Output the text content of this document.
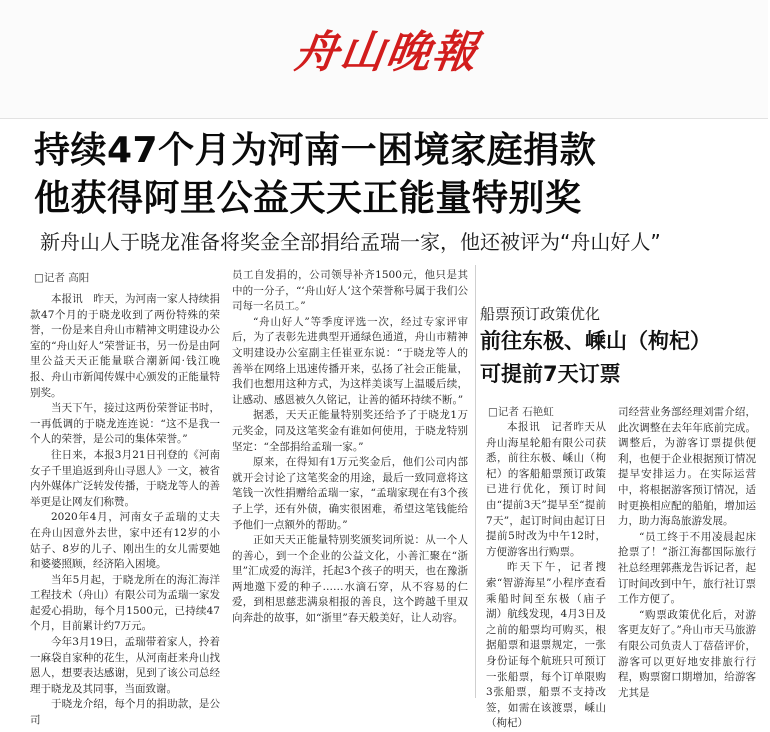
舟山晚報
持续47个月为河南一困境家庭捐款
他获得阿里公益天天正能量特别奖
新舟山人于晓龙准备将奖金全部捐给孟瑞一家，他还被评为“舟山好人”
□记者 高阳

本报讯　昨天，为河南一家人持续捐款47个月的于晓龙收到了两份特殊的荣誉，一份是来自舟山市精神文明建设办公室的“舟山好人”荣誉证书，另一份是由阿里公益天天正能量联合潮新闻·钱江晚报、舟山市新闻传媒中心颁发的正能量特别奖。

当天下午，接过这两份荣誉证书时，一再低调的于晓龙连连说：“这不是我一个人的荣誉，是公司的集体荣誉。”

往日来，本报3月21日刊登的《河南女子千里追返到舟山寻恩人》一文，被省内外媒体广泛转发传播，于晓龙等人的善举更是让网友们称赞。

2020年4月，河南女子孟瑞的丈夫在舟山因意外去世，家中还有12岁的小姑子、8岁的儿子、刚出生的女儿需要她和婆婆照顾，经济陷入困境。

当年5月起，于晓龙所在的海汇海洋工程技术（舟山）有限公司为孟瑞一家发起爱心捐助，每个月1500元，已持续47个月，目前累计约7万元。

今年3月19日，孟瑞带着家人，拎着一麻袋自家种的花生，从河南赶来舟山找恩人，想要表达感谢，见到了该公司总经理于晓龙及其同事，当面致谢。

于晓龙介绍，每个月的捐助款，是公司

员工自发捐的，公司领导补齐1500元，他只是其中的一分子，“‘舟山好人’这个荣誉称号属于我们公司每一名员工。”

“舟山好人”等季度评选一次，经过专家评审后，为了表彰先进典型开通绿色通道，舟山市精神文明建设办公室副主任崔亚东说：“于晓龙等人的善举在网络上迅速传播开来，弘扬了社会正能量，我们也想用这种方式，为这样美谈写上温暖后续，让感动、感恩被久久铭记，让善的循环持续不断。”

据悉，天天正能量特别奖还给予了于晓龙1万元奖金，同及这笔奖金有谁如何使用，于晓龙特别坚定：“全部捐给孟瑞一家。”

原来，在得知有1万元奖金后，他们公司内部就开会讨论了这笔奖金的用途，最后一致同意将这笔钱一次性捐赠给孟瑞一家，“孟瑞家现在有3个孩子上学，还有外债，确实很困难，希望这笔钱能给予他们一点额外的帮助。”

正如天天正能量特别奖颁奖词所说：从一个人的善心，到一个企业的公益文化，小善汇聚在“浙里”汇成爱的海洋，托起3个孩子的明天，也在豫浙两地邀下爱的种子……水滴石穿，从不容易的仁爱，到相思慈悲满泉相报的善良，这个跨越千里双向奔赴的故事，如“浙里”春天般美好，让人动容。

船票预订政策优化
前往东极、嵊山（枸杞）
可提前7天订票
□记者 石艳虹

本报讯　记者昨天从舟山海星轮船有限公司获悉，前往东极、嵊山（枸杞）的客船船票预订政策已进行优化，预订时间由“提前3天”提早至“提前7天”，起订时间由起订日提前5时改为中午12时，方便游客出行购票。

昨天下午，记者搜索“智游海星”小程序查看乘船时间至东极（庙子湖）航线发现，4月3日及之前的船票均可购买，根据船票和退票规定，一张身份证每个航班只可预订一张船票，每个订单限购3张船票，船票不支持改签，如需在该渡票，嵊山（枸杞）

司经营业务部经理刘雷介绍，此次调整在去年年底前完成。调整后，为游客订票提供便利，也便于企业根据预订情况提早安排运力。在实际运营中，将根据游客预订情况，适时更换相应配的船舶，增加运力，助力海岛旅游发展。

“员工终于不用凌晨起床抢票了！”浙江海都国际旅行社总经理郭燕龙告诉记者，起订时间改到中午，旅行社订票工作方便了。

“购票政策优化后，对游客更友好了。”舟山市天马旅游有限公司负责人丁蓓蓓评价，游客可以更好地安排旅行行程，购票窗口期增加，给游客尤其是
